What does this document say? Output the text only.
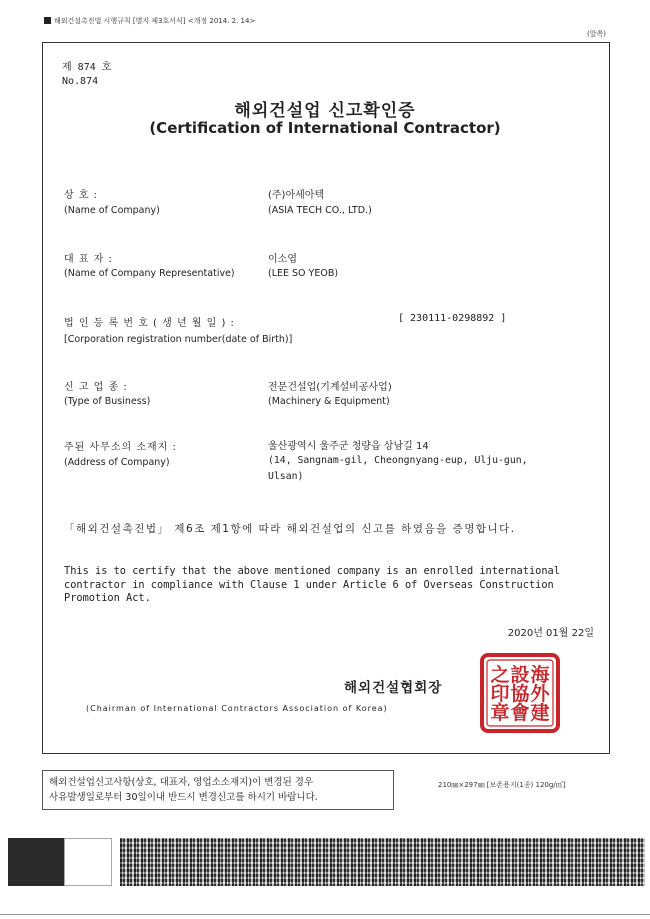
해외건설촉진법 시행규칙 [별지 제3호서식] <개정 2014. 2. 14>
(앞쪽)
제 874 호
No.874
해외건설업 신고확인증
(Certification of International Contractor)
상 호 :
(Name of Company)
(주)아세아텍
(ASIA TECH CO., LTD.)
대 표 자 :
(Name of Company Representative)
이소엽
(LEE SO YEOB)
법 인 등 록 번 호 ( 생 년 월 일 ) :	[ 230111-0298892 ]
[Corporation registration number(date of Birth)]
신 고 업 종 :
(Type of Business)
전문건설업(기계설비공사업)
(Machinery & Equipment)
주된 사무소의 소재지 :
(Address of Company)
울산광역시 울주군 청량읍 상남길 14
(14, Sangnam-gil, Cheongnyang-eup, Ulju-gun,
Ulsan)
「해외건설촉진법」 제6조 제1항에 따라 해외건설업의 신고를 하였음을 증명합니다.
This is to certify that the above mentioned company is an enrolled international contractor in compliance with Clause 1 under Article 6 of Overseas Construction Promotion Act.
2020년 01월 22일
해외건설협회장
(Chairman of International Contractors Association of Korea)
海
外
建
設
協
會
之
印
章
해외건설업신고사항(상호, 대표자, 영업소소재지)이 변경된 경우
사유발생일로부터 30일이내 반드시 변경신고를 하시기 바랍니다.
210㎜×297㎜ [보존용지(1종) 120g/㎡]
